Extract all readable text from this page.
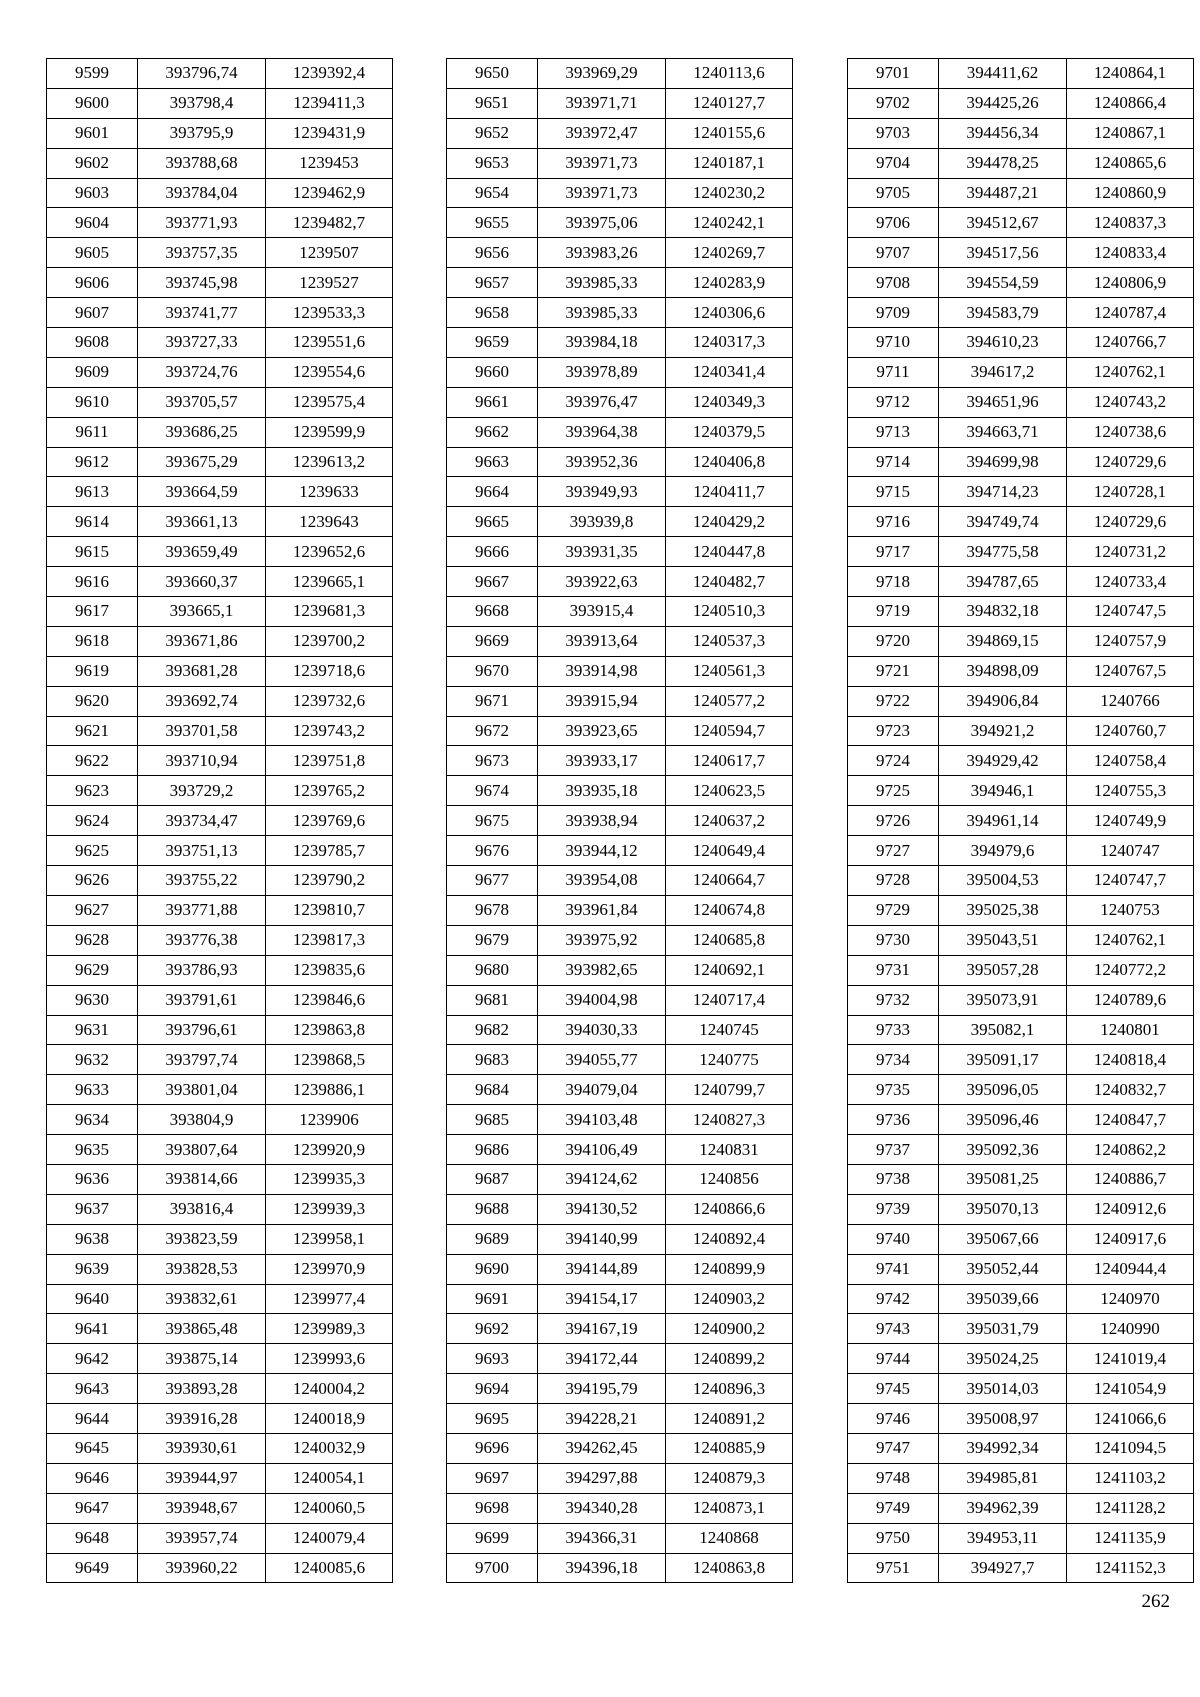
9599	393796,74	1239392,4
9600	393798,4	1239411,3
9601	393795,9	1239431,9
9602	393788,68	1239453
9603	393784,04	1239462,9
9604	393771,93	1239482,7
9605	393757,35	1239507
9606	393745,98	1239527
9607	393741,77	1239533,3
9608	393727,33	1239551,6
9609	393724,76	1239554,6
9610	393705,57	1239575,4
9611	393686,25	1239599,9
9612	393675,29	1239613,2
9613	393664,59	1239633
9614	393661,13	1239643
9615	393659,49	1239652,6
9616	393660,37	1239665,1
9617	393665,1	1239681,3
9618	393671,86	1239700,2
9619	393681,28	1239718,6
9620	393692,74	1239732,6
9621	393701,58	1239743,2
9622	393710,94	1239751,8
9623	393729,2	1239765,2
9624	393734,47	1239769,6
9625	393751,13	1239785,7
9626	393755,22	1239790,2
9627	393771,88	1239810,7
9628	393776,38	1239817,3
9629	393786,93	1239835,6
9630	393791,61	1239846,6
9631	393796,61	1239863,8
9632	393797,74	1239868,5
9633	393801,04	1239886,1
9634	393804,9	1239906
9635	393807,64	1239920,9
9636	393814,66	1239935,3
9637	393816,4	1239939,3
9638	393823,59	1239958,1
9639	393828,53	1239970,9
9640	393832,61	1239977,4
9641	393865,48	1239989,3
9642	393875,14	1239993,6
9643	393893,28	1240004,2
9644	393916,28	1240018,9
9645	393930,61	1240032,9
9646	393944,97	1240054,1
9647	393948,67	1240060,5
9648	393957,74	1240079,4
9649	393960,22	1240085,6
9650	393969,29	1240113,6
9651	393971,71	1240127,7
9652	393972,47	1240155,6
9653	393971,73	1240187,1
9654	393971,73	1240230,2
9655	393975,06	1240242,1
9656	393983,26	1240269,7
9657	393985,33	1240283,9
9658	393985,33	1240306,6
9659	393984,18	1240317,3
9660	393978,89	1240341,4
9661	393976,47	1240349,3
9662	393964,38	1240379,5
9663	393952,36	1240406,8
9664	393949,93	1240411,7
9665	393939,8	1240429,2
9666	393931,35	1240447,8
9667	393922,63	1240482,7
9668	393915,4	1240510,3
9669	393913,64	1240537,3
9670	393914,98	1240561,3
9671	393915,94	1240577,2
9672	393923,65	1240594,7
9673	393933,17	1240617,7
9674	393935,18	1240623,5
9675	393938,94	1240637,2
9676	393944,12	1240649,4
9677	393954,08	1240664,7
9678	393961,84	1240674,8
9679	393975,92	1240685,8
9680	393982,65	1240692,1
9681	394004,98	1240717,4
9682	394030,33	1240745
9683	394055,77	1240775
9684	394079,04	1240799,7
9685	394103,48	1240827,3
9686	394106,49	1240831
9687	394124,62	1240856
9688	394130,52	1240866,6
9689	394140,99	1240892,4
9690	394144,89	1240899,9
9691	394154,17	1240903,2
9692	394167,19	1240900,2
9693	394172,44	1240899,2
9694	394195,79	1240896,3
9695	394228,21	1240891,2
9696	394262,45	1240885,9
9697	394297,88	1240879,3
9698	394340,28	1240873,1
9699	394366,31	1240868
9700	394396,18	1240863,8
9701	394411,62	1240864,1
9702	394425,26	1240866,4
9703	394456,34	1240867,1
9704	394478,25	1240865,6
9705	394487,21	1240860,9
9706	394512,67	1240837,3
9707	394517,56	1240833,4
9708	394554,59	1240806,9
9709	394583,79	1240787,4
9710	394610,23	1240766,7
9711	394617,2	1240762,1
9712	394651,96	1240743,2
9713	394663,71	1240738,6
9714	394699,98	1240729,6
9715	394714,23	1240728,1
9716	394749,74	1240729,6
9717	394775,58	1240731,2
9718	394787,65	1240733,4
9719	394832,18	1240747,5
9720	394869,15	1240757,9
9721	394898,09	1240767,5
9722	394906,84	1240766
9723	394921,2	1240760,7
9724	394929,42	1240758,4
9725	394946,1	1240755,3
9726	394961,14	1240749,9
9727	394979,6	1240747
9728	395004,53	1240747,7
9729	395025,38	1240753
9730	395043,51	1240762,1
9731	395057,28	1240772,2
9732	395073,91	1240789,6
9733	395082,1	1240801
9734	395091,17	1240818,4
9735	395096,05	1240832,7
9736	395096,46	1240847,7
9737	395092,36	1240862,2
9738	395081,25	1240886,7
9739	395070,13	1240912,6
9740	395067,66	1240917,6
9741	395052,44	1240944,4
9742	395039,66	1240970
9743	395031,79	1240990
9744	395024,25	1241019,4
9745	395014,03	1241054,9
9746	395008,97	1241066,6
9747	394992,34	1241094,5
9748	394985,81	1241103,2
9749	394962,39	1241128,2
9750	394953,11	1241135,9
9751	394927,7	1241152,3
262
